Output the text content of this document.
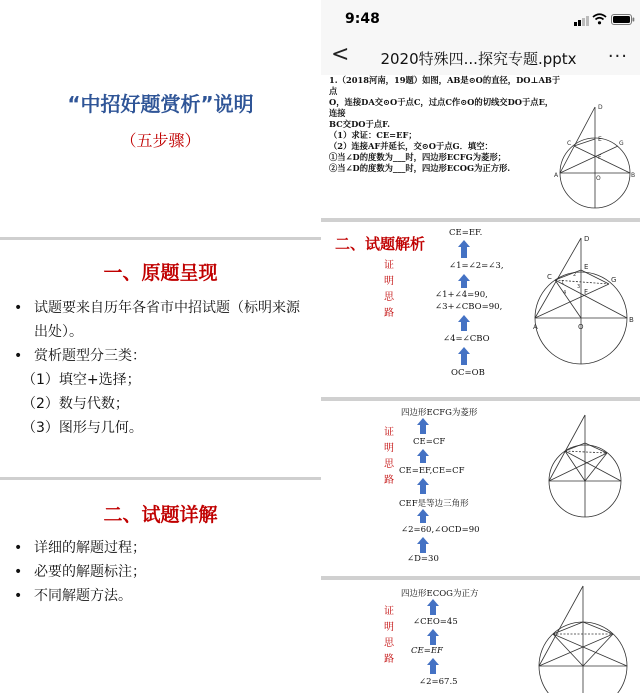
“中招好题赏析”说明
（五步骤）
一、原题呈现
• 试题要来自历年各省市中招试题（标明来源
出处）。
• 赏析题型分三类：
（1）填空+选择；
（2）数与代数；
（3）图形与几何。
二、试题详解
• 详细的解题过程；
• 必要的解题标注；
• 不同解题方法。
9:48
<	2020特殊四...探究专题.pptx	···
1.（2018河南，19题）如图，AB是⊙O的直径，DO⊥AB于点
O，连接DA交⊙O于点C，过点C作⊙O的切线交DO于点E，连接
BC交DO于点F.
（1）求证：CE=EF；
（2）连接AF并延长，交⊙O于点G．填空：
①当∠D的度数为___时，四边形ECFG为菱形；
②当∠D的度数为___时，四边形ECOG为正方形.
D
E
C
F
G
A	O	B
二、试题解析
证
明
思
路
CE=EF.
∠1=∠2=∠3,
∠1+∠4=90,
∠3+∠CBO=90,
∠4=∠CBO
OC=OB
D
E
C
F
G
A	O
B
1
2
3
4
证
明
思
路
四边形ECFG为菱形
CE=CF
CE=EF,CE=CF
CEF是等边三角形
∠2=60,∠OCD=90
∠D=30
证
明
思
路
四边形ECOG为正方
∠CEO=45
CE=EF
∠2=67.5
